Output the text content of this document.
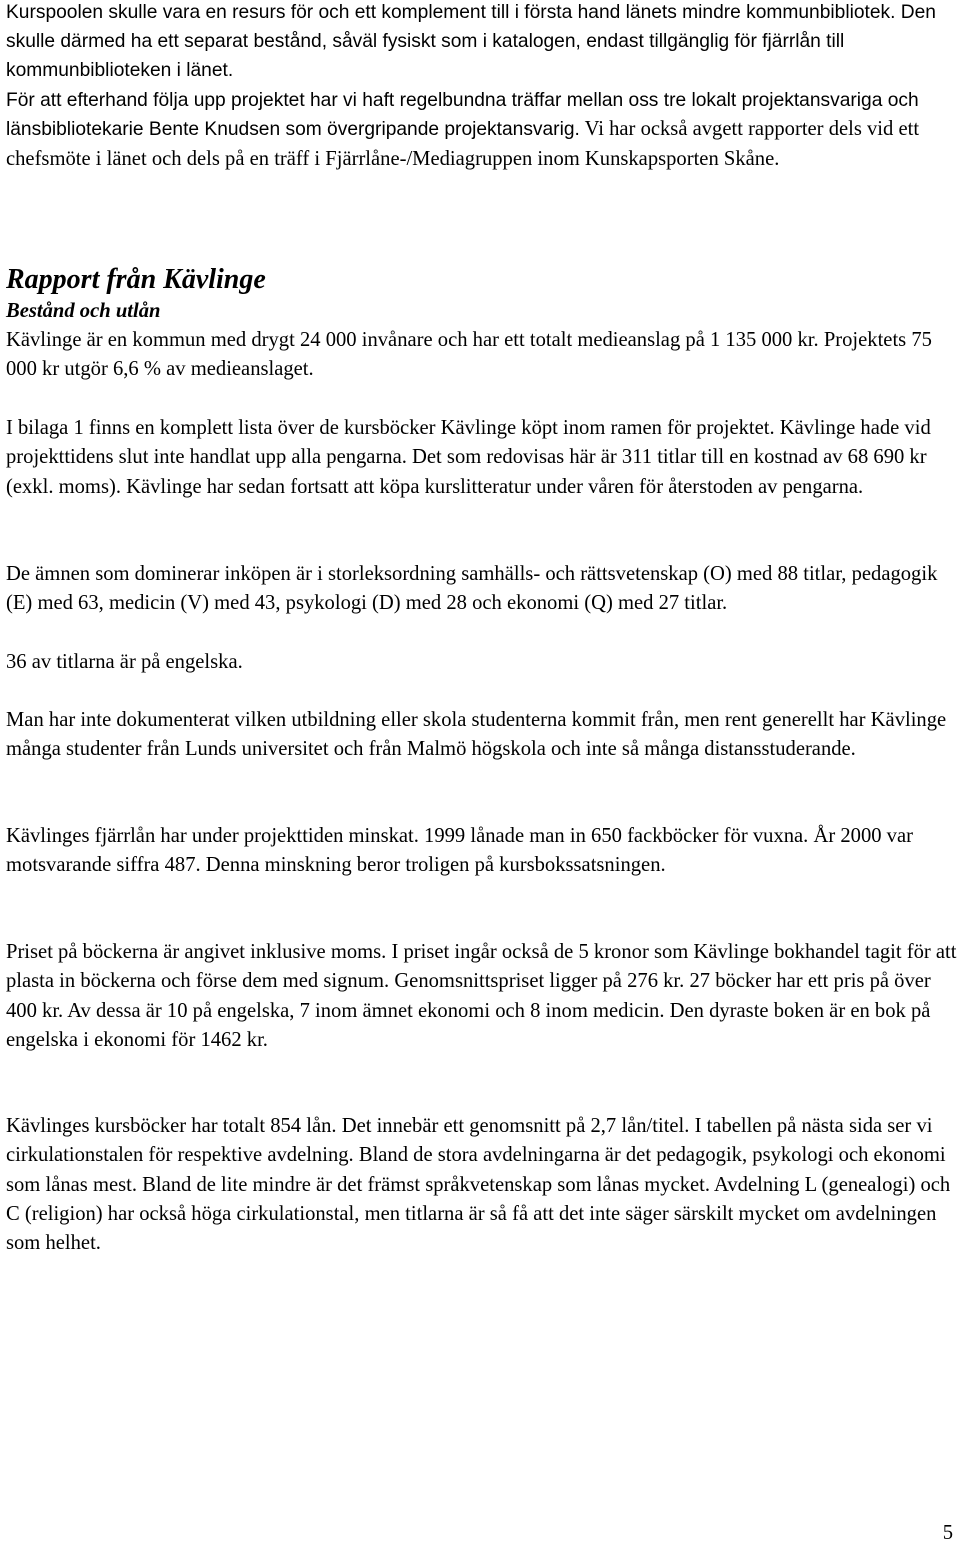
Kurspoolen skulle vara en resurs för och ett komplement till i första hand länets mindre kommunbibliotek. Den skulle därmed ha ett separat bestånd, såväl fysiskt som i katalogen, endast tillgänglig för fjärrlån till kommunbiblioteken i länet.

För att efterhand följa upp projektet har vi haft regelbundna träffar mellan oss tre lokalt projektansvariga och länsbibliotekarie Bente Knudsen som övergripande projektansvarig. Vi har också avgett rapporter dels vid ett chefsmöte i länet och dels på en träff i Fjärrlåne-/Mediagruppen inom Kunskapsporten Skåne.

Rapport från Kävlinge
Bestånd och utlån

Kävlinge är en kommun med drygt 24 000 invånare och har ett totalt medieanslag på 1 135 000 kr. Projektets 75 000 kr utgör 6,6 % av medieanslaget.

I bilaga 1 finns en komplett lista över de kursböcker Kävlinge köpt inom ramen för projektet. Kävlinge hade vid projekttidens slut inte handlat upp alla pengarna. Det som redovisas här är 311 titlar till en kostnad av 68 690 kr (exkl. moms). Kävlinge har sedan fortsatt att köpa kurslitteratur under våren för återstoden av pengarna.

De ämnen som dominerar inköpen är i storleksordning samhälls- och rättsvetenskap (O) med 88 titlar, pedagogik (E) med 63, medicin (V) med 43, psykologi (D) med 28 och ekonomi (Q) med 27 titlar.

36 av titlarna är på engelska.

Man har inte dokumenterat vilken utbildning eller skola studenterna kommit från, men rent generellt har Kävlinge många studenter från Lunds universitet och från Malmö högskola och inte så många distansstuderande.

Kävlinges fjärrlån har under projekttiden minskat. 1999 lånade man in 650 fackböcker för vuxna. År 2000 var motsvarande siffra 487. Denna minskning beror troligen på kursbokssatsningen.

Priset på böckerna är angivet inklusive moms. I priset ingår också de 5 kronor som Kävlinge bokhandel tagit för att plasta in böckerna och förse dem med signum. Genomsnittspriset ligger på 276 kr. 27 böcker har ett pris på över 400 kr. Av dessa är 10 på engelska, 7 inom ämnet ekonomi och 8 inom medicin. Den dyraste boken är en bok på engelska i ekonomi för 1462 kr.

Kävlinges kursböcker har totalt 854 lån. Det innebär ett genomsnitt på 2,7 lån/titel. I tabellen på nästa sida ser vi cirkulationstalen för respektive avdelning. Bland de stora avdelningarna är det pedagogik, psykologi och ekonomi som lånas mest. Bland de lite mindre är det främst språkvetenskap som lånas mycket. Avdelning L (genealogi) och C (religion) har också höga cirkulationstal, men titlarna är så få att det inte säger särskilt mycket om avdelningen som helhet.

5
